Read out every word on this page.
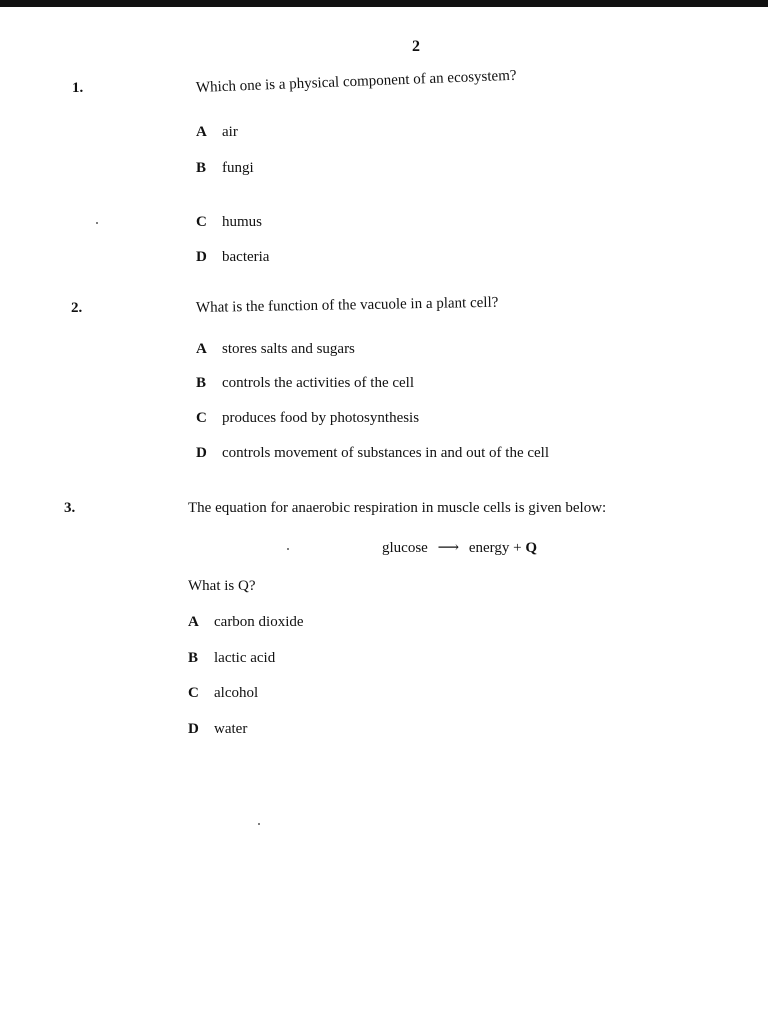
2
1.	Which one is a physical component of an ecosystem?
A air
B fungi
C humus
D bacteria
2.	What is the function of the vacuole in a plant cell?
A stores salts and sugars
B controls the activities of the cell
C produces food by photosynthesis
D controls movement of substances in and out of the cell
3.	The equation for anaerobic respiration in muscle cells is given below:
glucose ⟶ energy + Q
What is Q?
A carbon dioxide
B lactic acid
C alcohol
D water
